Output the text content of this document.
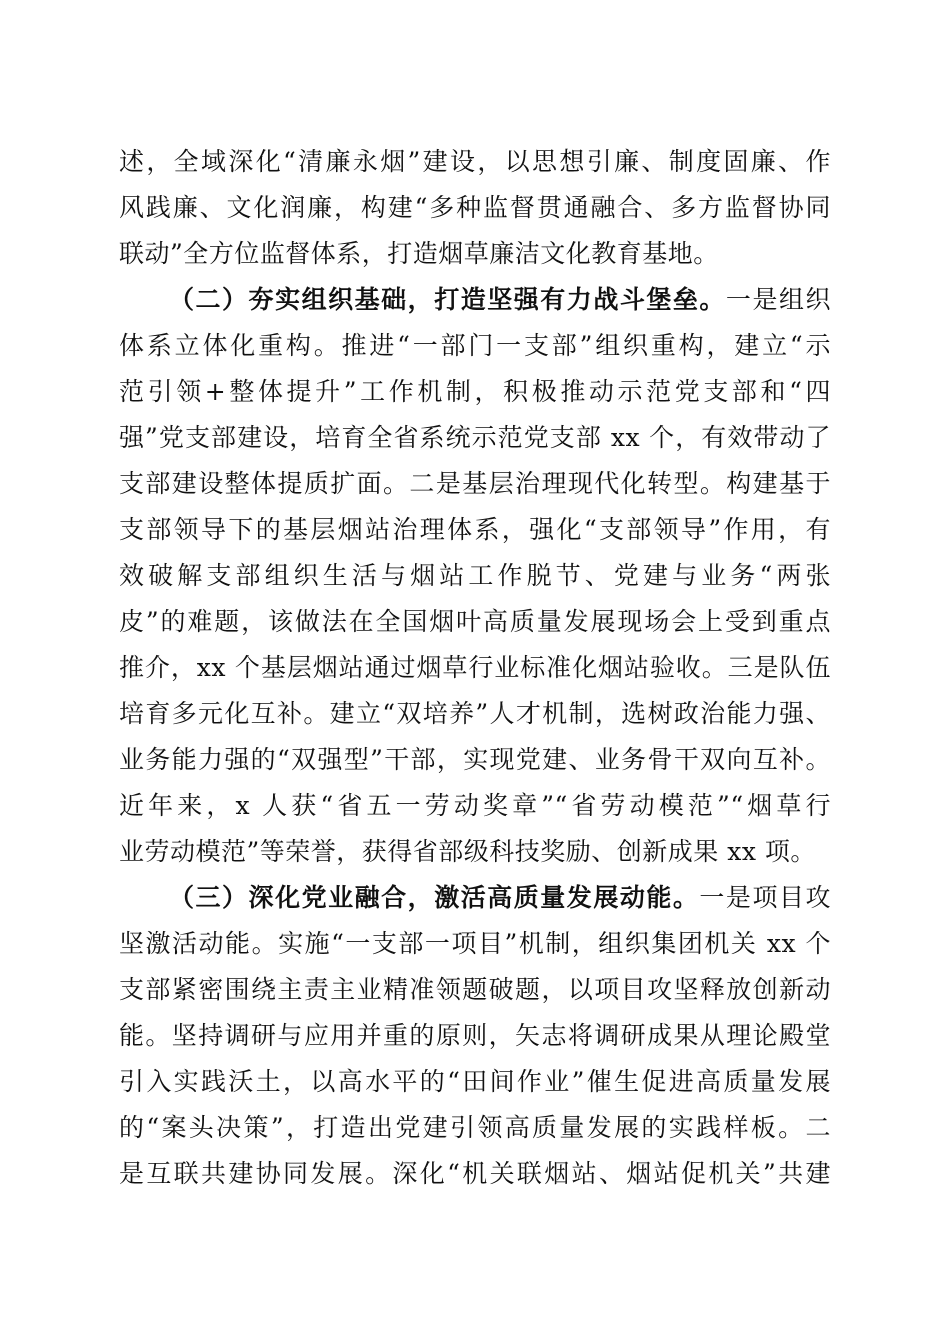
述，全域深化“清廉永烟”建设，以思想引廉、制度固廉、作
风践廉、文化润廉，构建“多种监督贯通融合、多方监督协同
联动”全方位监督体系，打造烟草廉洁文化教育基地。
（二）夯实组织基础，打造坚强有力战斗堡垒。一是组织
体系立体化重构。推进“一部门一支部”组织重构，建立“示
范引领+整体提升”工作机制，积极推动示范党支部和“四
强”党支部建设，培育全省系统示范党支部 xx 个，有效带动了
支部建设整体提质扩面。二是基层治理现代化转型。构建基于
支部领导下的基层烟站治理体系，强化“支部领导”作用，有
效破解支部组织生活与烟站工作脱节、党建与业务“两张
皮”的难题，该做法在全国烟叶高质量发展现场会上受到重点
推介，xx 个基层烟站通过烟草行业标准化烟站验收。三是队伍
培育多元化互补。建立“双培养”人才机制，选树政治能力强、
业务能力强的“双强型”干部，实现党建、业务骨干双向互补。
近年来，x 人获“省五一劳动奖章”“省劳动模范”“烟草行
业劳动模范”等荣誉，获得省部级科技奖励、创新成果 xx 项。
（三）深化党业融合，激活高质量发展动能。一是项目攻
坚激活动能。实施“一支部一项目”机制，组织集团机关 xx 个
支部紧密围绕主责主业精准领题破题，以项目攻坚释放创新动
能。坚持调研与应用并重的原则，矢志将调研成果从理论殿堂
引入实践沃土，以高水平的“田间作业”催生促进高质量发展
的“案头决策”，打造出党建引领高质量发展的实践样板。二
是互联共建协同发展。深化“机关联烟站、烟站促机关”共建
